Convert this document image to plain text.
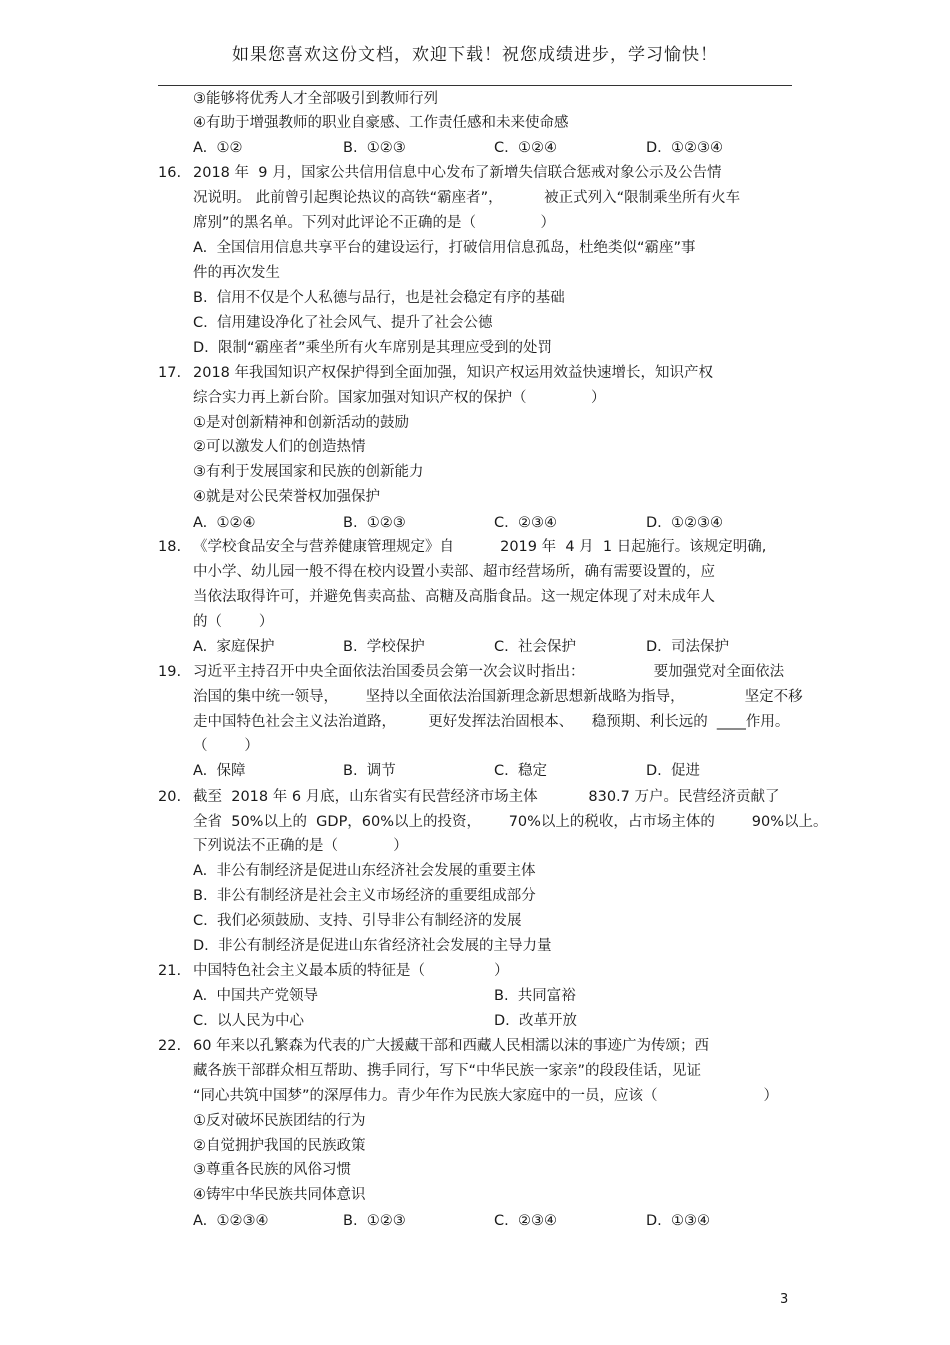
如果您喜欢这份文档，欢迎下载！祝您成绩进步，学习愉快！
③能够将优秀人才全部吸引到教师行列
④有助于增强教师的职业自豪感、工作责任感和未来使命感
A.  ①②	B.  ①②③	C.  ①②④	D.  ①②③④
16. 2018 年  9 月，国家公共信用信息中心发布了新增失信联合惩戒对象公示及公告情
况说明。 此前曾引起舆论热议的高铁“霸座者”，         被正式列入“限制乘坐所有火车
席别”的黑名单。下列对此评论不正确的是（              ）
A.  全国信用信息共享平台的建设运行，打破信用信息孤岛，杜绝类似“霸座”事
件的再次发生
B.  信用不仅是个人私德与品行，也是社会稳定有序的基础
C.  信用建设净化了社会风气、提升了社会公德
D.  限制“霸座者”乘坐所有火车席别是其理应受到的处罚
17. 2018 年我国知识产权保护得到全面加强，知识产权运用效益快速增长，知识产权
综合实力再上新台阶。国家加强对知识产权的保护（              ）
①是对创新精神和创新活动的鼓励
②可以激发人们的创造热情
③有利于发展国家和民族的创新能力
④就是对公民荣誉权加强保护
A.  ①②④	B.  ①②③	C.  ②③④	D.  ①②③④
18. 《学校食品安全与营养健康管理规定》自          2019 年  4 月  1 日起施行。该规定明确,
中小学、幼儿园一般不得在校内设置小卖部、超市经营场所，确有需要设置的，应
当依法取得许可，并避免售卖高盐、高糖及高脂食品。这一规定体现了对未成年人
的（        ）
A.  家庭保护	B.  学校保护	C.  社会保护	D.  司法保护
19. 习近平主持召开中央全面依法治国委员会第一次会议时指出：               要加强党对全面依法
治国的集中统一领导，      坚持以全面依法治国新理念新思想新战略为指导，             坚定不移
走中国特色社会主义法治道路，       更好发挥法治固根本、    稳预期、利长远的  ____作用。
（        ）
A.  保障	B.  调节	C.  稳定	D.  促进
20. 截至  2018 年 6 月底，山东省实有民营经济市场主体           830.7 万户。民营经济贡献了
全省  50%以上的  GDP，60%以上的投资，      70%以上的税收，占市场主体的        90%以上。
下列说法不正确的是（            ）
A.  非公有制经济是促进山东经济社会发展的重要主体
B.  非公有制经济是社会主义市场经济的重要组成部分
C.  我们必须鼓励、支持、引导非公有制经济的发展
D.  非公有制经济是促进山东省经济社会发展的主导力量
21. 中国特色社会主义最本质的特征是（               ）
A.  中国共产党领导	B.  共同富裕
C.  以人民为中心	D.  改革开放
22. 60 年来以孔繁森为代表的广大援藏干部和西藏人民相濡以沫的事迹广为传颂；西
藏各族干部群众相互帮助、携手同行，写下“中华民族一家亲”的段段佳话，见证
“同心共筑中国梦”的深厚伟力。青少年作为民族大家庭中的一员，应该（                       ）
①反对破坏民族团结的行为
②自觉拥护我国的民族政策
③尊重各民族的风俗习惯
④铸牢中华民族共同体意识
A.  ①②③④	B.  ①②③	C.  ②③④	D.  ①③④
3
